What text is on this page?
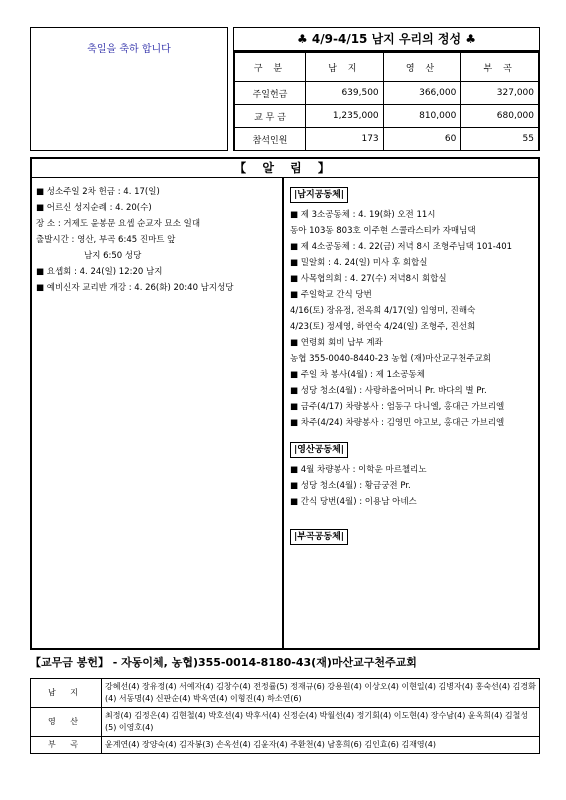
축일을 축하 합니다
♣ 4/9-4/15 남지 우리의 정성 ♣
구 분	남 지	영 산	부 곡
주일헌금	639,500	366,000	327,000
교 무 금	1,235,000	810,000	680,000
참석인원	173	60	55
【 알 림 】
■ 성소주일 2차 헌금 : 4. 17(일)
■ 어르신 성지순례 : 4. 20(수)
장 소 : 거제도 윤봉문 요셉 순교자 묘소 일대
출발시간 : 영산, 부곡 6:45 진마트 앞
남지 6:50 성당
■ 요셉회 : 4. 24(일) 12:20 남지
■ 예비신자 교리반 개강 : 4. 26(화) 20:40 남지성당
|남지공동체|
■ 제 3소공동체 : 4. 19(화) 오전 11시
동아 103동 803호 이주현 스콜라스티카 자매님댁
■ 제 4소공동체 : 4. 22(금) 저녁 8시 조형주님댁 101-401
■ 밀알회 : 4. 24(일) 미사 후 회합실
■ 사목협의회 : 4. 27(수) 저녁8시 회합실
■ 주일학교 간식 당번
4/16(토) 장유정, 전옥희 4/17(일) 임영미, 진해숙
4/23(토) 정세영, 하연숙 4/24(일) 조형주, 진선희
■ 연령회 회비 납부 계좌
농협 355-0040-8440-23 농협 (재)마산교구천주교회
■ 주일 차 봉사(4월) : 제 1소공동체
■ 성당 청소(4월) : 사랑하올어머니 Pr. 바다의 별 Pr.
■ 금주(4/17) 차량봉사 : 엄동구 다니엘, 홍대근 가브리엘
■ 차주(4/24) 차량봉사 : 김영민 야고보, 홍대근 가브리엘
|영산공동체|
■ 4월 차량봉사 : 이학운 마르첼리노
■ 성당 청소(4월) : 황금궁전 Pr.
■ 간식 당번(4월) : 이용남 아네스
|부곡공동체|
【교무금 봉헌】 - 자동이체, 농협)355-0014-8180-43(재)마산교구천주교회
남 지	강혜선(4) 장유정(4) 서예자(4) 김창수(4) 전정률(5) 정재규(6) 강용원(4) 이상오(4) 이현일(4) 김병자(4) 홍숙선(4) 김경화(4) 서동명(4) 신판순(4) 박옥연(4) 이형진(4) 하소연(6)
영 산	최정(4) 김정은(4) 김현철(4) 박호선(4) 박후서(4) 신정순(4) 박월선(4) 정기회(4) 이도현(4) 장수남(4) 윤옥희(4) 김철성(5) 이영호(4)
부 곡	윤계연(4) 장양숙(4) 김자봉(3) 손옥선(4) 김윤자(4) 주환천(4) 남홍희(6) 김인효(6) 김재영(4)
